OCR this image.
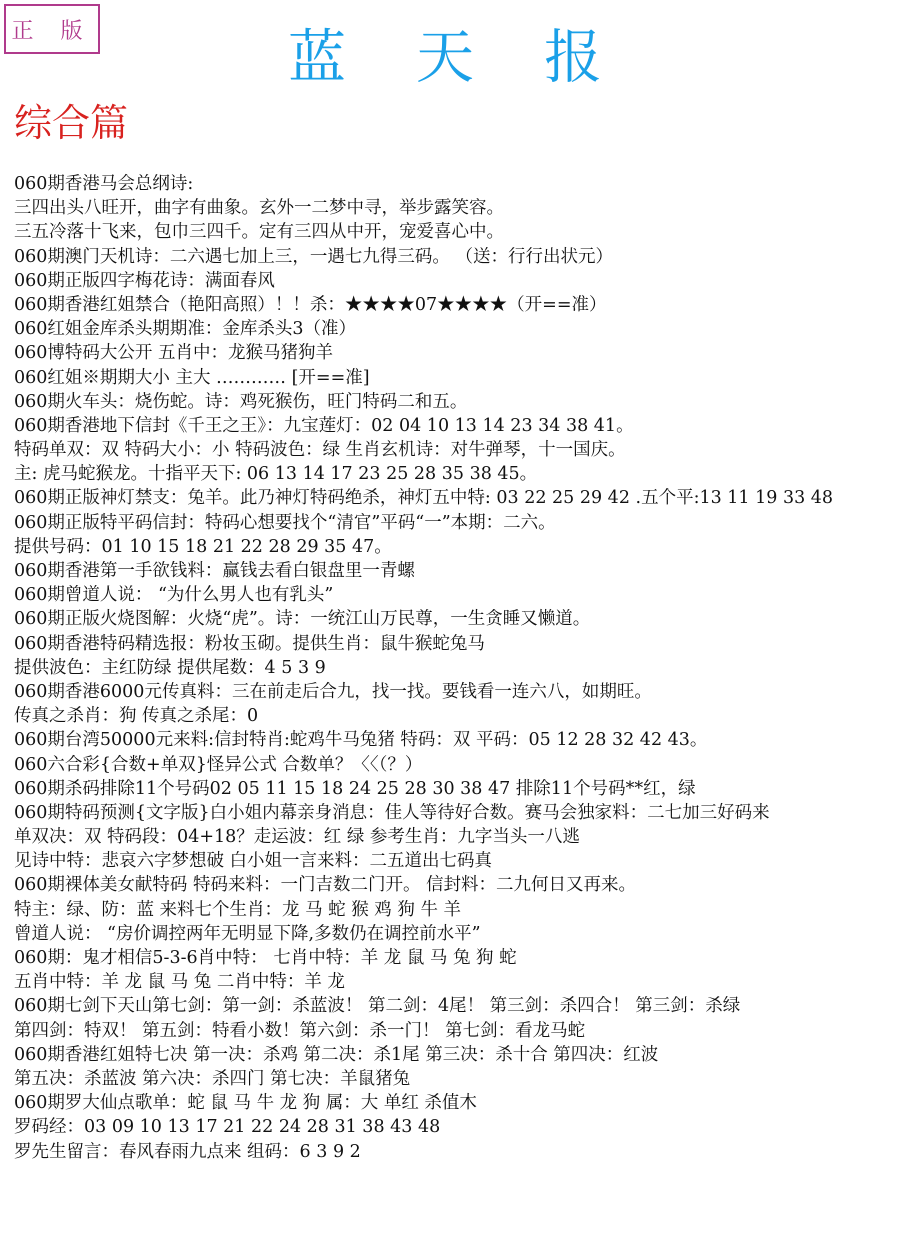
正 版	蓝天报
综合篇
060期香港马会总纲诗:
三四出头八旺开，曲字有曲象。玄外一二梦中寻，举步露笑容。
三五冷落十飞来，包巾三四千。定有三四从中开，宠爱喜心中。
060期澳门天机诗：二六遇七加上三，一遇七九得三码。 （送：行行出状元）
060期正版四字梅花诗：满面春风
060期香港红姐禁合（艳阳高照）！！杀：★★★★07★★★★（开==准）
060红姐金库杀头期期准：金库杀头3（准）
060博特码大公开 五肖中：龙猴马猪狗羊
060红姐※期期大小 主大 ………… [开==准]
060期火车头：烧伤蛇。诗：鸡死猴伤，旺门特码二和五。
060期香港地下信封《千王之王》：九宝莲灯：02 04 10 13 14 23 34 38 41。
特码单双：双 特码大小：小 特码波色：绿 生肖玄机诗：对牛弹琴，十一国庆。
主: 虎马蛇猴龙。十指平天下: 06 13 14 17 23 25 28 35 38 45。
060期正版神灯禁支：兔羊。此乃神灯特码绝杀，神灯五中特: 03 22 25 29 42 .五个平:13 11 19 33 48
060期正版特平码信封：特码心想要找个“清官”平码“一”本期：二六。
提供号码：01 10 15 18 21 22 28 29 35 47。
060期香港第一手欲钱料：赢钱去看白银盘里一青螺
060期曾道人说： “为什么男人也有乳头”
060期正版火烧图解：火烧“虎”。诗：一统江山万民尊，一生贪睡又懒道。
060期香港特码精选报：粉妆玉砌。提供生肖：鼠牛猴蛇兔马
提供波色：主红防绿 提供尾数：4 5 3 9
060期香港6000元传真料：三在前走后合九，找一找。要钱看一连六八，如期旺。
传真之杀肖：狗 传真之杀尾：0
060期台湾50000元来料:信封特肖:蛇鸡牛马兔猪 特码：双 平码：05 12 28 32 42 43。
060六合彩{合数+单双}怪异公式 合数单？〈〈（？）
060期杀码排除11个号码02 05 11 15 18 24 25 28 30 38 47 排除11个号码**红，绿
060期特码预测{文字版}白小姐内幕亲身消息：佳人等待好合数。赛马会独家料：二七加三好码来
单双决：双 特码段：04+18？走运波：红 绿 参考生肖：九字当头一八逃
见诗中特：悲哀六字梦想破 白小姐一言来料：二五道出七码真
060期裸体美女献特码 特码来料：一门吉数二门开。 信封料：二九何日又再来。
特主：绿、防：蓝 来料七个生肖：龙 马 蛇 猴 鸡 狗 牛 羊
曾道人说： “房价调控两年无明显下降,多数仍在调控前水平”
060期：鬼才相信5-3-6肖中特： 七肖中特：羊 龙 鼠 马 兔 狗 蛇
五肖中特：羊 龙 鼠 马 兔 二肖中特：羊 龙
060期七剑下天山第七剑：第一剑：杀蓝波！ 第二剑：4尾！ 第三剑：杀四合！ 第三剑：杀绿
第四剑：特双！ 第五剑：特看小数！第六剑：杀一门！ 第七剑：看龙马蛇
060期香港红姐特七决 第一决：杀鸡 第二决：杀1尾 第三决：杀十合 第四决：红波
第五决：杀蓝波 第六决：杀四门 第七决：羊鼠猪兔
060期罗大仙点歌单：蛇 鼠 马 牛 龙 狗 属：大 单红 杀值木
罗码经：03 09 10 13 17 21 22 24 28 31 38 43 48
罗先生留言：春风春雨九点来 组码：6 3 9 2
